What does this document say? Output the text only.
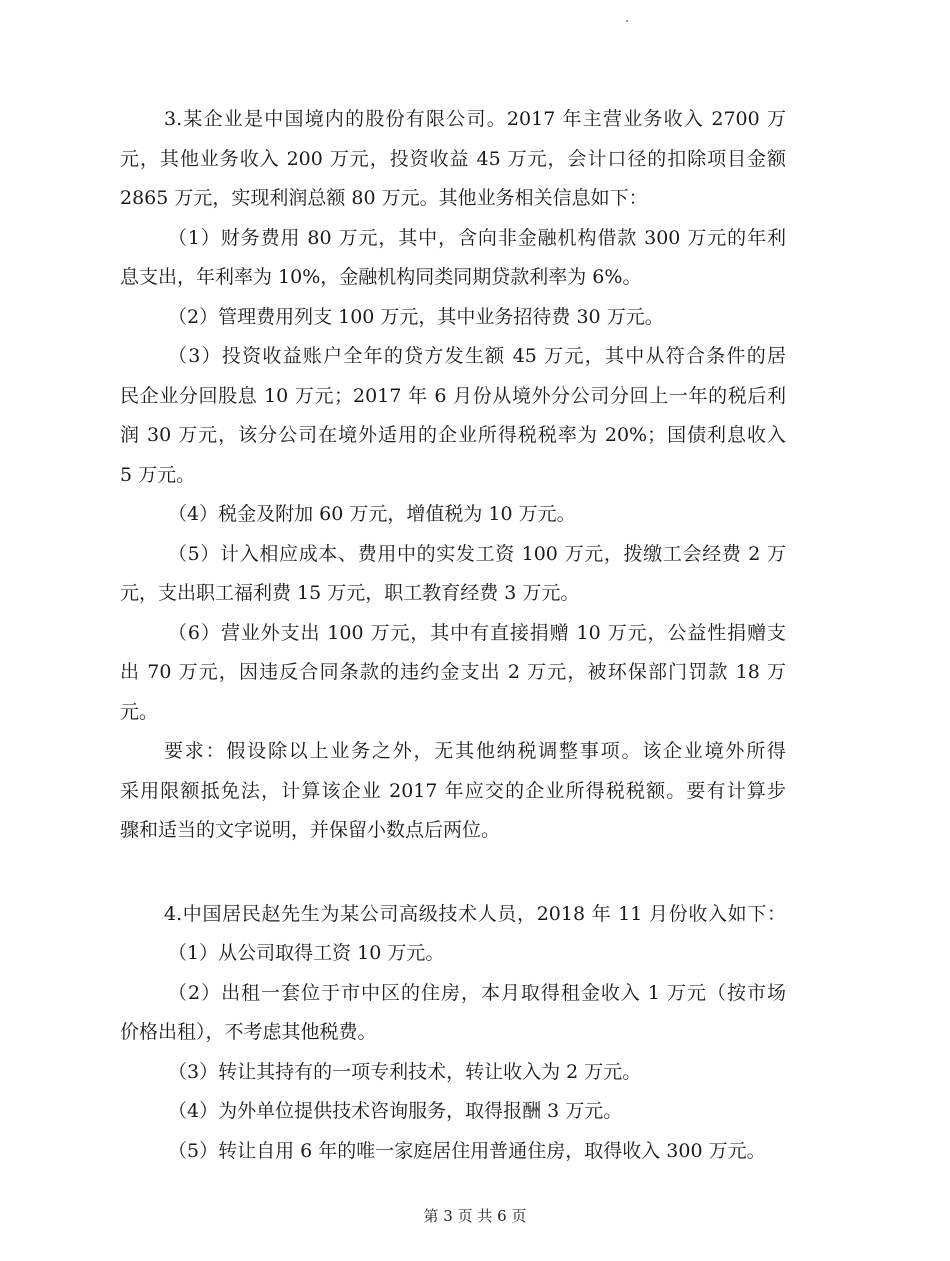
3.某企业是中国境内的股份有限公司。2017 年主营业务收入 2700 万
元，其他业务收入 200 万元，投资收益 45 万元，会计口径的扣除项目金额
2865 万元，实现利润总额 80 万元。其他业务相关信息如下：
（1）财务费用 80 万元，其中，含向非金融机构借款 300 万元的年利
息支出，年利率为 10%，金融机构同类同期贷款利率为 6%。
（2）管理费用列支 100 万元，其中业务招待费 30 万元。
（3）投资收益账户全年的贷方发生额 45 万元，其中从符合条件的居
民企业分回股息 10 万元；2017 年 6 月份从境外分公司分回上一年的税后利
润 30 万元，该分公司在境外适用的企业所得税税率为 20%；国债利息收入
5 万元。
（4）税金及附加 60 万元，增值税为 10 万元。
（5）计入相应成本、费用中的实发工资 100 万元，拨缴工会经费 2 万
元，支出职工福利费 15 万元，职工教育经费 3 万元。
（6）营业外支出 100 万元，其中有直接捐赠 10 万元，公益性捐赠支
出 70 万元，因违反合同条款的违约金支出 2 万元，被环保部门罚款 18 万
元。
要求：假设除以上业务之外，无其他纳税调整事项。该企业境外所得
采用限额抵免法，计算该企业 2017 年应交的企业所得税税额。要有计算步
骤和适当的文字说明，并保留小数点后两位。
4.中国居民赵先生为某公司高级技术人员，2018 年 11 月份收入如下：
（1）从公司取得工资 10 万元。
（2）出租一套位于市中区的住房，本月取得租金收入 1 万元（按市场
价格出租），不考虑其他税费。
（3）转让其持有的一项专利技术，转让收入为 2 万元。
（4）为外单位提供技术咨询服务，取得报酬 3 万元。
（5）转让自用 6 年的唯一家庭居住用普通住房，取得收入 300 万元。
第 3 页 共 6 页
